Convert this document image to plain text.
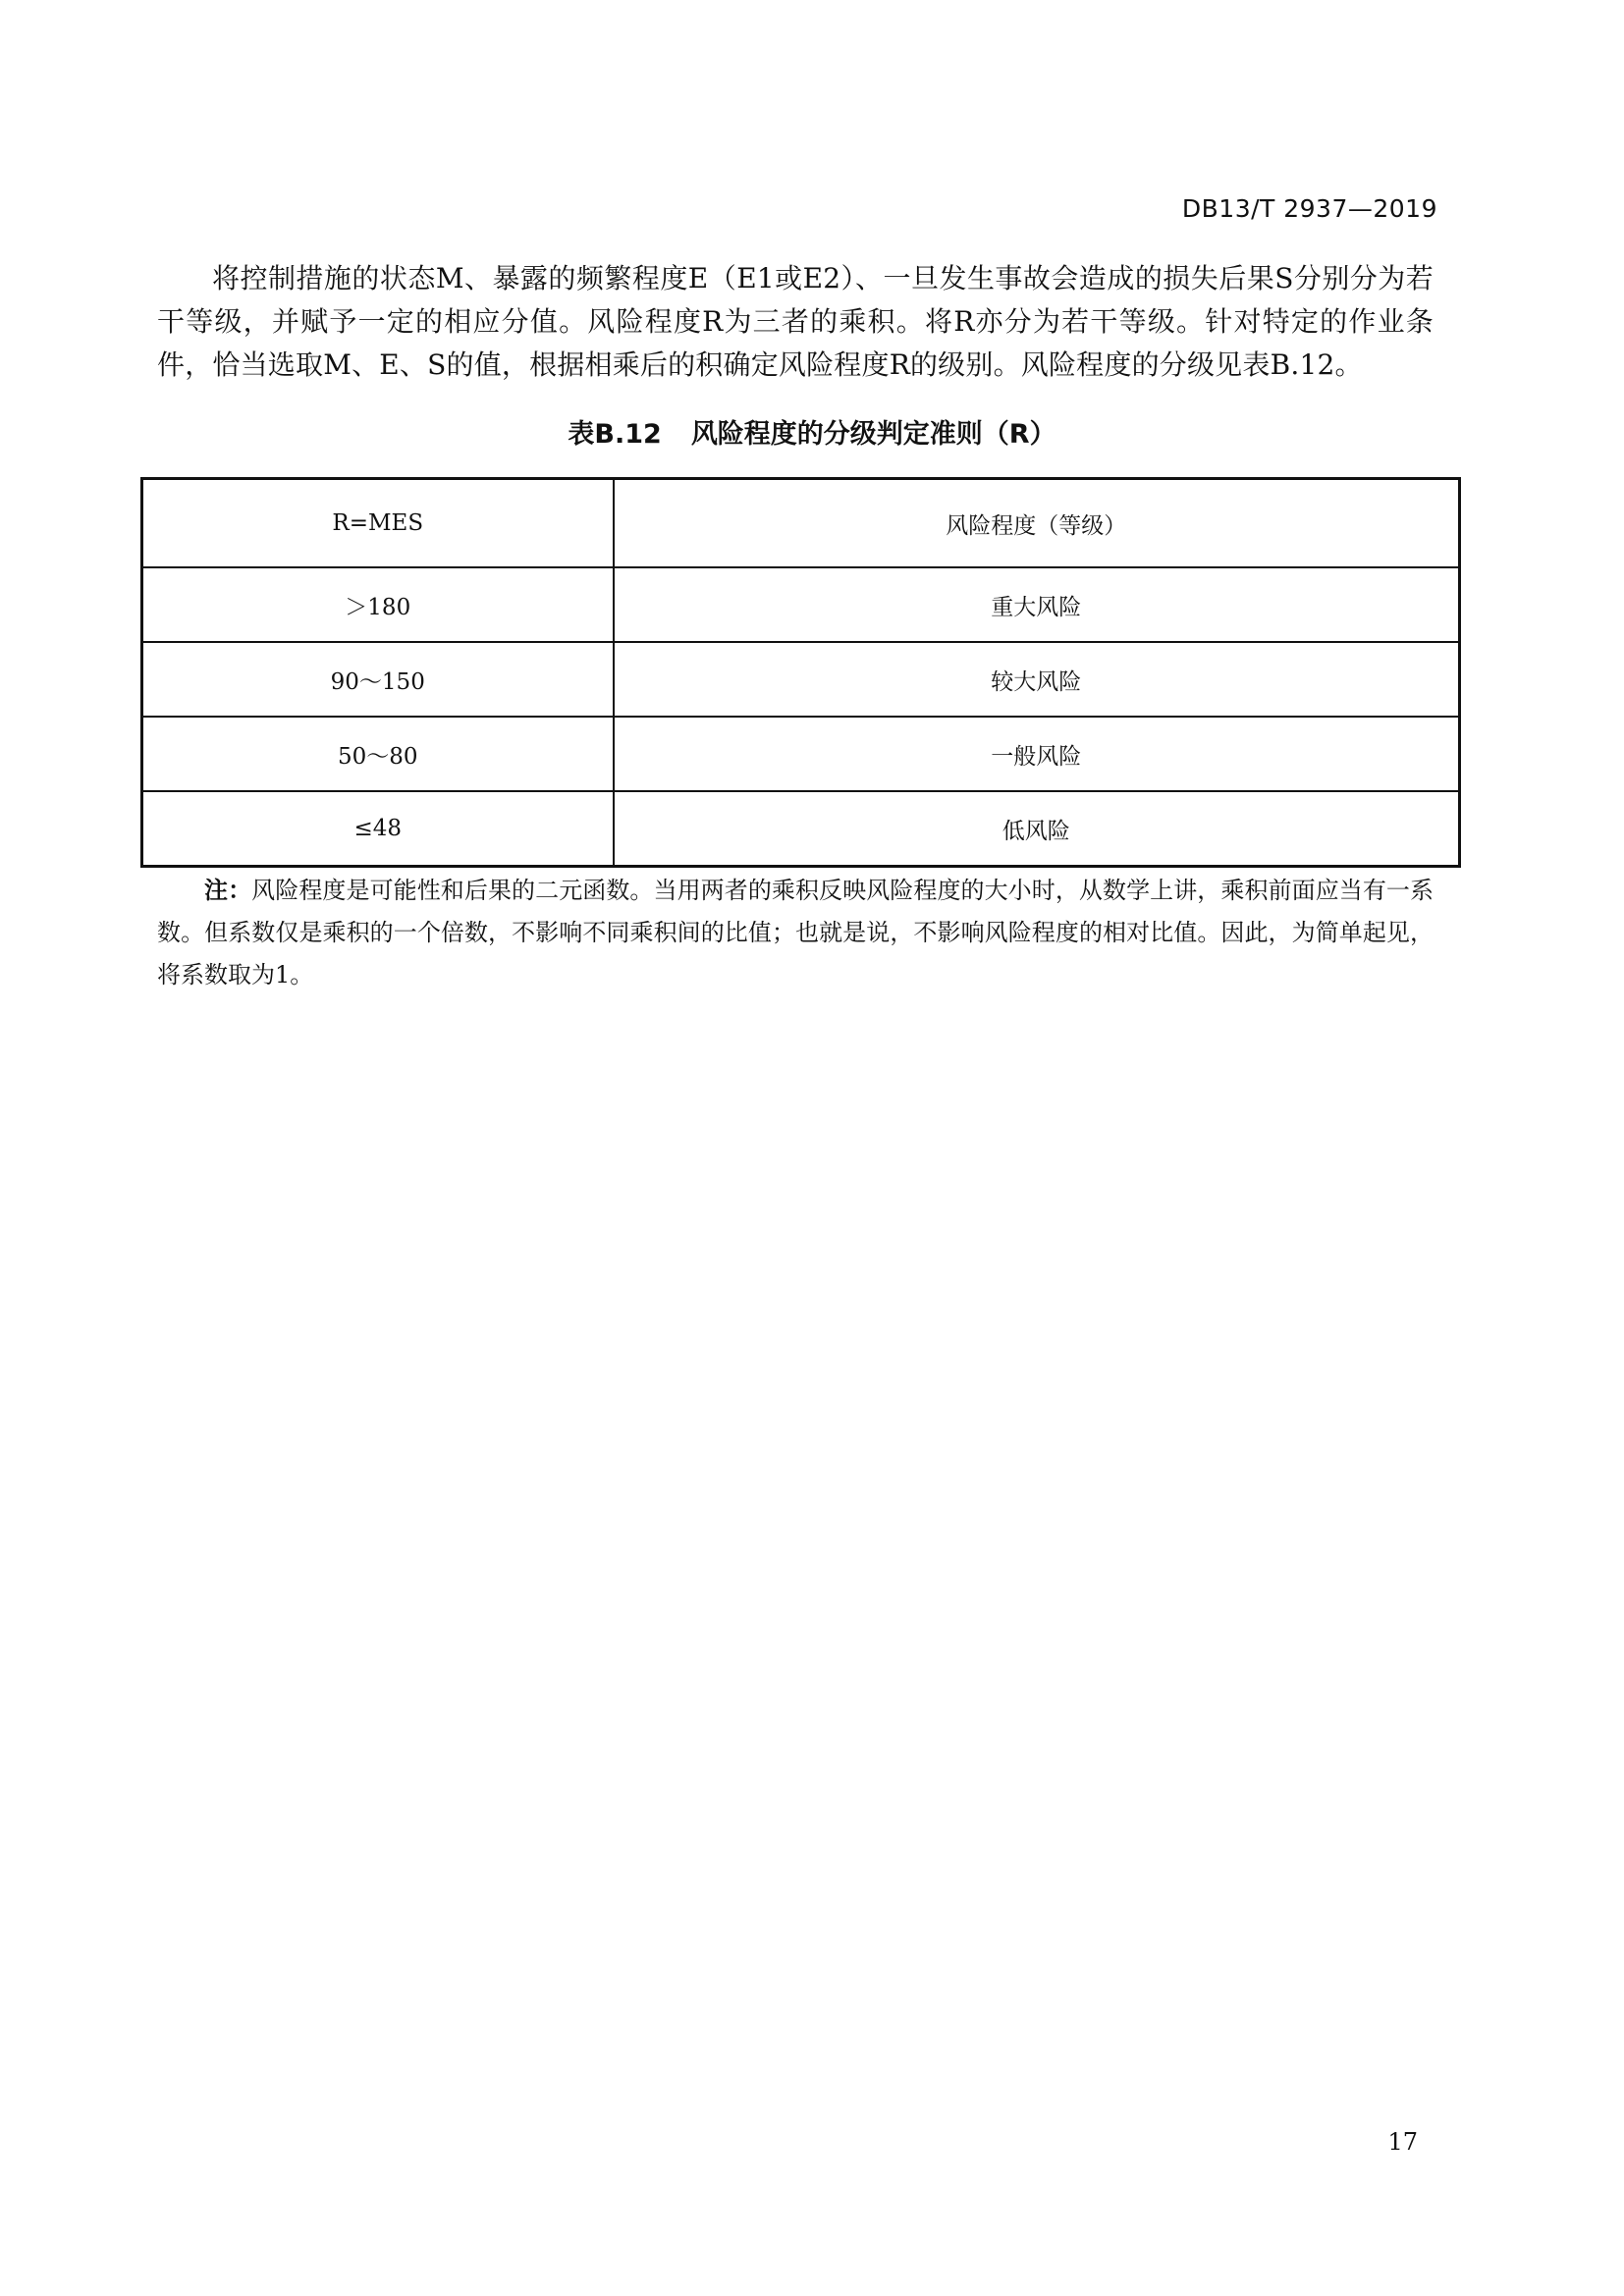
DB13/T 2937—2019

将控制措施的状态M、暴露的频繁程度E（E1或E2）、一旦发生事故会造成的损失后果S分别分为若干等级，并赋予一定的相应分值。风险程度R为三者的乘积。将R亦分为若干等级。针对特定的作业条件，恰当选取M、E、S的值，根据相乘后的积确定风险程度R的级别。风险程度的分级见表B.12。

表B.12 风险程度的分级判定准则（R）
R=MES	风险程度（等级）
＞180	重大风险
90～150	较大风险
50～80	一般风险
≤48	低风险

注：风险程度是可能性和后果的二元函数。当用两者的乘积反映风险程度的大小时，从数学上讲，乘积前面应当有一系数。但系数仅是乘积的一个倍数，不影响不同乘积间的比值；也就是说，不影响风险程度的相对比值。因此，为简单起见，将系数取为1。

17
